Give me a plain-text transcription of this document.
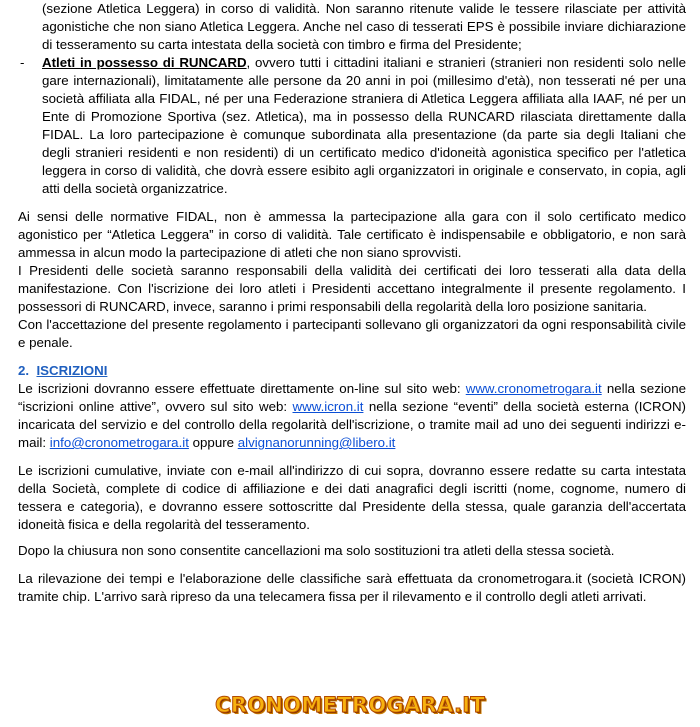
(sezione Atletica Leggera) in corso di validità. Non saranno ritenute valide le tessere rilasciate per attività agonistiche che non siano Atletica Leggera. Anche nel caso di tesserati EPS è possibile inviare dichiarazione di tesseramento su carta intestata della società con timbro e firma del Presidente;

- Atleti in possesso di RUNCARD, ovvero tutti i cittadini italiani e stranieri (stranieri non residenti solo nelle gare internazionali), limitatamente alle persone da 20 anni in poi (millesimo d'età), non tesserati né per una società affiliata alla FIDAL, né per una Federazione straniera di Atletica Leggera affiliata alla IAAF, né per un Ente di Promozione Sportiva (sez. Atletica), ma in possesso della RUNCARD rilasciata direttamente dalla FIDAL. La loro partecipazione è comunque subordinata alla presentazione (da parte sia degli Italiani che degli stranieri residenti e non residenti) di un certificato medico d'idoneità agonistica specifico per l'atletica leggera in corso di validità, che dovrà essere esibito agli organizzatori in originale e conservato, in copia, agli atti della società organizzatrice.

Ai sensi delle normative FIDAL, non è ammessa la partecipazione alla gara con il solo certificato medico agonistico per “Atletica Leggera” in corso di validità. Tale certificato è indispensabile e obbligatorio, e non sarà ammessa in alcun modo la partecipazione di atleti che non siano sprovvisti.

I Presidenti delle società saranno responsabili della validità dei certificati dei loro tesserati alla data della manifestazione. Con l'iscrizione dei loro atleti i Presidenti accettano integralmente il presente regolamento. I possessori di RUNCARD, invece, saranno i primi responsabili della regolarità della loro posizione sanitaria.

Con l'accettazione del presente regolamento i partecipanti sollevano gli organizzatori da ogni responsabilità civile e penale.

2. ISCRIZIONI

Le iscrizioni dovranno essere effettuate direttamente on-line sul sito web: www.cronometrogara.it nella sezione “iscrizioni online attive”, ovvero sul sito web: www.icron.it nella sezione “eventi” della società esterna (ICRON) incaricata del servizio e del controllo della regolarità dell'iscrizione, o tramite mail ad uno dei seguenti indirizzi e-mail: info@cronometrogara.it oppure alvignanorunning@libero.it

Le iscrizioni cumulative, inviate con e-mail all'indirizzo di cui sopra, dovranno essere redatte su carta intestata della Società, complete di codice di affiliazione e dei dati anagrafici degli iscritti (nome, cognome, numero di tessera e categoria), e dovranno essere sottoscritte dal Presidente della stessa, quale garanzia dell'accertata idoneità fisica e della regolarità del tesseramento.

Dopo la chiusura non sono consentite cancellazioni ma solo sostituzioni tra atleti della stessa società.

La rilevazione dei tempi e l'elaborazione delle classifiche sarà effettuata da cronometrogara.it (società ICRON) tramite chip. L'arrivo sarà ripreso da una telecamera fissa per il rilevamento e il controllo degli atleti arrivati.

CRONOMETROGARA.IT
